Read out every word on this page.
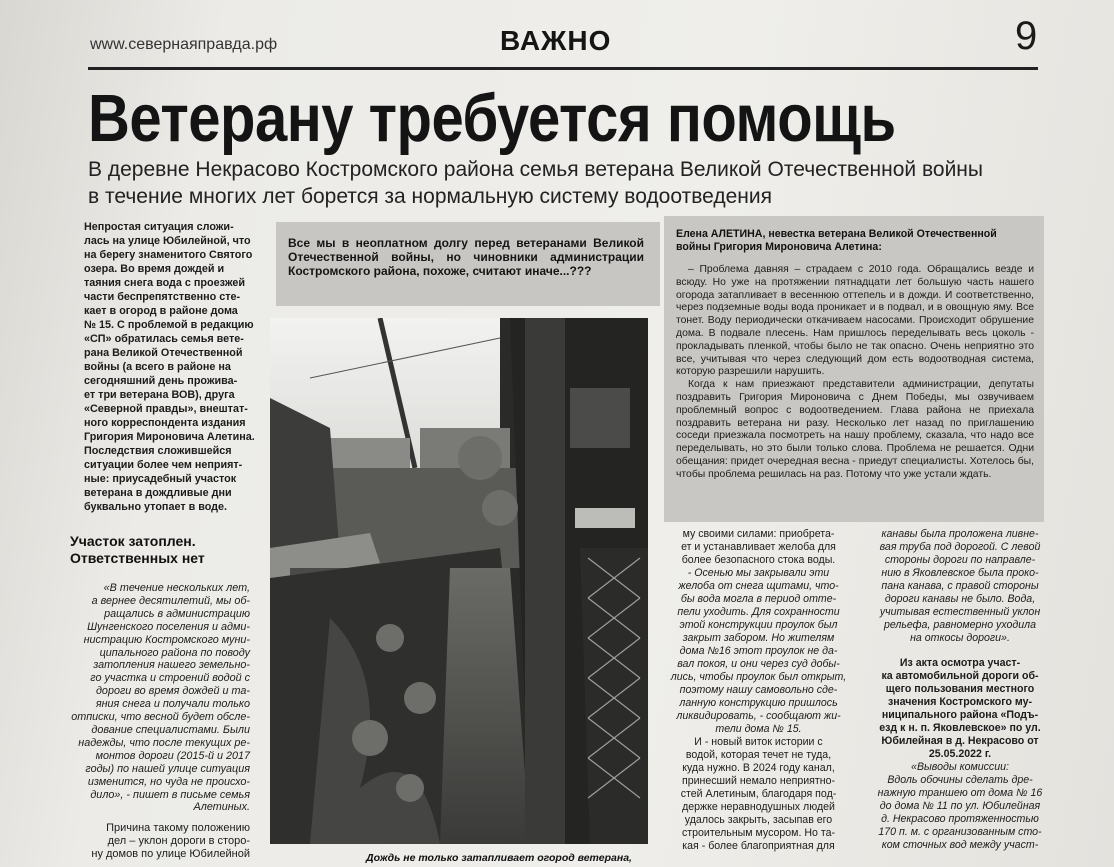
www.севернаяправда.рф	ВАЖНО	9
Ветерану требуется помощь
В деревне Некрасово Костромского района семья ветерана Великой Отечественной войны
в течение многих лет борется за нормальную систему водоотведения
Непростая ситуация сложи-
лась на улице Юбилейной, что
на берегу знаменитого Святого
озера. Во время дождей и
таяния снега вода с проезжей
части беспрепятственно сте-
кает в огород в районе дома
№ 15. С проблемой в редакцию
«СП» обратилась семья вете-
рана Великой Отечественной
войны (а всего в районе на
сегодняшний день прожива-
ет три ветерана ВОВ), друга
«Северной правды», внештат-
ного корреспондента издания
Григория Мироновича Алетина.
Последствия сложившейся
ситуации более чем неприят-
ные: приусадебный участок
ветерана в дождливые дни
буквально утопает в воде.
Участок затоплен.
Ответственных нет
«В течение нескольких лет,
а вернее десятилетий, мы об-
ращались в администрацию
Шунгенского поселения и адми-
нистрацию Костромского муни-
ципального района по поводу
затопления нашего земельно-
го участка и строений водой с
дороги во время дождей и та-
яния снега и получали только
отписки, что весной будет обсле-
дование специалистами. Были
надежды, что после текущих ре-
монтов дороги (2015-й и 2017
годы) по нашей улице ситуация
изменится, но чуда не происхо-
дило», - пишет в письме семья
Алетиных.
Причина такому положению
дел – уклон дороги в сторо-
ну домов по улице Юбилейной
Все мы в неоплатном долгу перед ветеранами Великой Отечественной войны, но чиновники администрации Костромского района, похоже, считают иначе...???
Дождь не только затапливает огород ветерана,
Елена АЛЕТИНА, невестка ветерана Великой Отечественной войны Григория Мироновича Алетина:

– Проблема давняя – страдаем с 2010 года. Обращались везде и всюду. Но уже на протяжении пятнадцати лет большую часть нашего огорода затапливает в весеннюю оттепель и в дожди. И соответственно, через подземные воды вода проникает и в подвал, и в овощную яму. Все тонет. Воду периодически откачиваем насосами. Происходит обрушение дома. В подвале плесень. Нам пришлось переделывать весь цоколь - прокладывать пленкой, чтобы было не так опасно. Очень неприятно это все, учитывая что через следующий дом есть водоотводная система, которую разрешили нарушить.

Когда к нам приезжают представители администрации, депутаты поздравить Григория Мироновича с Днем Победы, мы озвучиваем проблемный вопрос с водоотведением. Глава района не приехала поздравить ветерана ни разу. Несколько лет назад по приглашению соседи приезжала посмотреть на нашу проблему, сказала, что надо все переделывать, но это были только слова. Проблема не решается. Одни обещания: придет очередная весна - приедут специалисты. Хотелось бы, чтобы проблема решилась на раз. Потому что уже устали ждать.

му своими силами: приобрета-
ет и устанавливает желоба для
более безопасного стока воды.
- Осенью мы закрывали эти
желоба от снега щитами, что-
бы вода могла в период отте-
пели уходить. Для сохранности
этой конструкции проулок был
закрыт забором. Но жителям
дома №16 этот проулок не да-
вал покоя, и они через суд добы-
лись, чтобы проулок был открыт,
поэтому нашу самовольно сде-
ланную конструкцию пришлось
ликвидировать, - сообщают жи-
тели дома № 15.
И - новый виток истории с
водой, которая течет не туда,
куда нужно. В 2024 году канал,
принесший немало неприятно-
стей Алетиным, благодаря под-
держке неравнодушных людей
удалось закрыть, засыпав его
строительным мусором. Но та-
кая - более благоприятная для
канавы была проложена ливне-
вая труба под дорогой. С левой
стороны дороги по направле-
нию в Яковлевское была проко-
пана канава, с правой стороны
дороги канавы не было. Вода,
учитывая естественный уклон
рельефа, равномерно уходила
на откосы дороги».
Из акта осмотра участ-
ка автомобильной дороги об-
щего пользования местного
значения Костромского му-
ниципального района «Подъ-
езд к н. п. Яковлевское» по ул.
Юбилейная в д. Некрасово от
25.05.2022 г.
«Выводы комиссии:
Вдоль обочины сделать дре-
нажную траншею от дома № 16
до дома № 11 по ул. Юбилейная
д. Некрасово протяженностью
170 п. м. с организованным сто-
ком сточных вод между участ-
